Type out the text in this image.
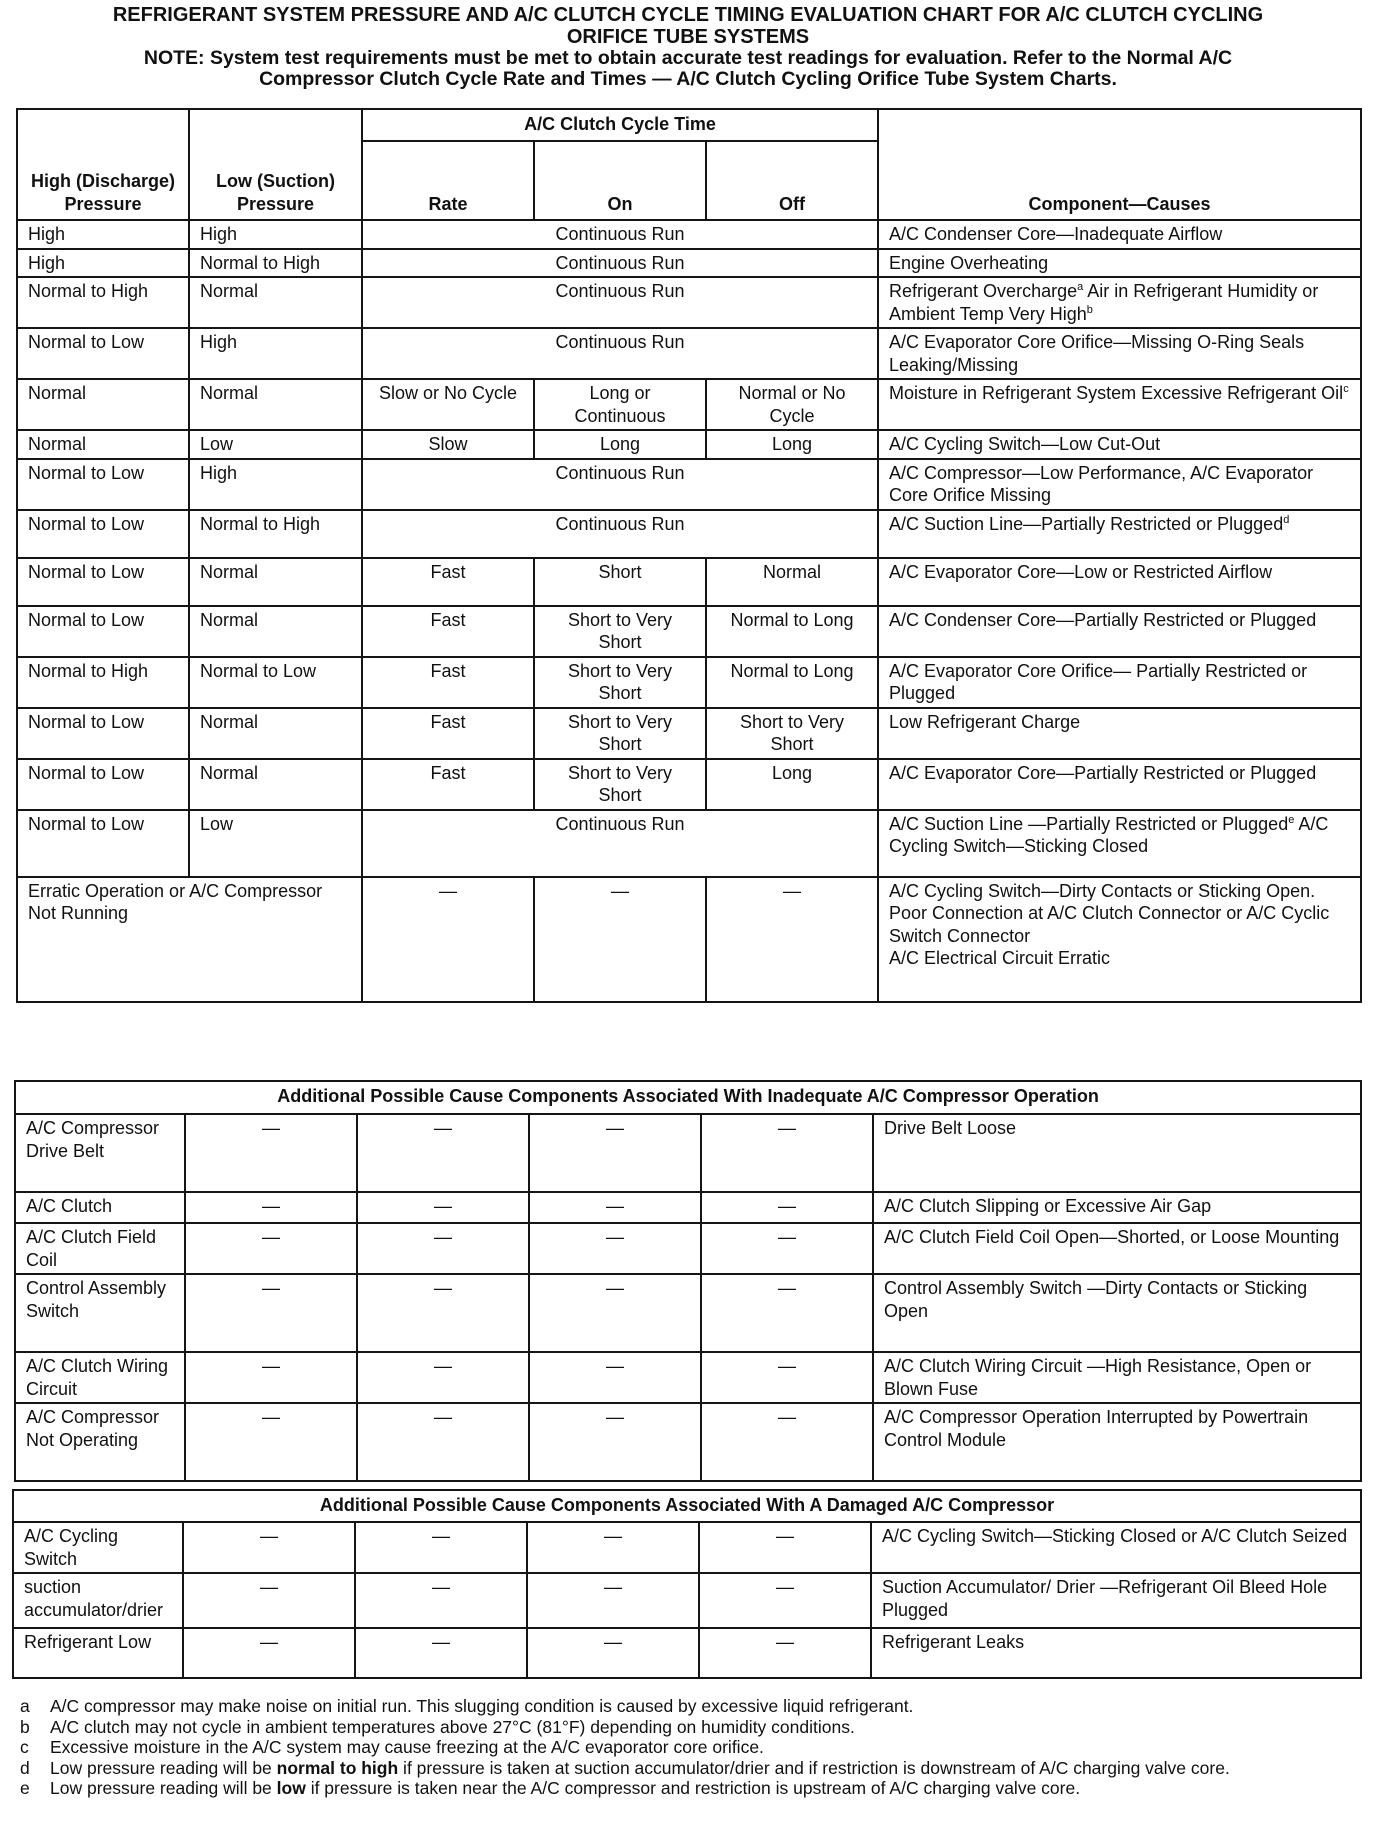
REFRIGERANT SYSTEM PRESSURE AND A/C CLUTCH CYCLE TIMING EVALUATION CHART FOR A/C CLUTCH CYCLING
ORIFICE TUBE SYSTEMS
NOTE: System test requirements must be met to obtain accurate test readings for evaluation. Refer to the Normal A/C
Compressor Clutch Cycle Rate and Times — A/C Clutch Cycling Orifice Tube System Charts.
High (Discharge) Pressure	Low (Suction) Pressure	A/C Clutch Cycle Time			Component—Causes
		Rate	On	Off	
High	High	Continuous Run			A/C Condenser Core—Inadequate Airflow
High	Normal to High	Continuous Run			Engine Overheating
Normal to High	Normal	Continuous Run			Refrigerant Overcharge$^a$ Air in Refrigerant Humidity or Ambient Temp Very High$^b$
Normal to Low	High	Continuous Run			A/C Evaporator Core Orifice—Missing O-Ring Seals Leaking/Missing
Normal	Normal	Slow or No Cycle	Long or Continuous	Normal or No Cycle	Moisture in Refrigerant System Excessive Refrigerant Oil$^c$
Normal	Low	Slow	Long	Long	A/C Cycling Switch—Low Cut-Out
Normal to Low	High	Continuous Run			A/C Compressor—Low Performance, A/C Evaporator Core Orifice Missing
Normal to Low	Normal to High	Continuous Run			A/C Suction Line—Partially Restricted or Plugged$^d$
Normal to Low	Normal	Fast	Short	Normal	A/C Evaporator Core—Low or Restricted Airflow
Normal to Low	Normal	Fast	Short to Very Short	Normal to Long	A/C Condenser Core—Partially Restricted or Plugged
Normal to High	Normal to Low	Fast	Short to Very Short	Normal to Long	A/C Evaporator Core Orifice— Partially Restricted or Plugged
Normal to Low	Normal	Fast	Short to Very Short	Short to Very Short	Low Refrigerant Charge
Normal to Low	Normal	Fast	Short to Very Short	Long	A/C Evaporator Core—Partially Restricted or Plugged
Normal to Low	Low	Continuous Run			A/C Suction Line —Partially Restricted or Plugged$^e$ A/C Cycling Switch—Sticking Closed
Erratic Operation or A/C Compressor Not Running		—	—	—	A/C Cycling Switch—Dirty Contacts or Sticking Open.
Poor Connection at A/C Clutch Connector or A/C Cyclic Switch Connector
A/C Electrical Circuit Erratic
Additional Possible Cause Components Associated With Inadequate A/C Compressor Operation					
A/C Compressor Drive Belt	—	—	—	—	Drive Belt Loose
A/C Clutch	—	—	—	—	A/C Clutch Slipping or Excessive Air Gap
A/C Clutch Field Coil	—	—	—	—	A/C Clutch Field Coil Open—Shorted, or Loose Mounting
Control Assembly Switch	—	—	—	—	Control Assembly Switch —Dirty Contacts or Sticking Open
A/C Clutch Wiring Circuit	—	—	—	—	A/C Clutch Wiring Circuit —High Resistance, Open or Blown Fuse
A/C Compressor Not Operating	—	—	—	—	A/C Compressor Operation Interrupted by Powertrain Control Module
Additional Possible Cause Components Associated With A Damaged A/C Compressor					
A/C Cycling Switch	—	—	—	—	A/C Cycling Switch—Sticking Closed or A/C Clutch Seized
suction accumulator/drier	—	—	—	—	Suction Accumulator/ Drier —Refrigerant Oil Bleed Hole Plugged
Refrigerant Low	—	—	—	—	Refrigerant Leaks
a	A/C compressor may make noise on initial run. This slugging condition is caused by excessive liquid refrigerant.
b	A/C clutch may not cycle in ambient temperatures above 27°C (81°F) depending on humidity conditions.
c	Excessive moisture in the A/C system may cause freezing at the A/C evaporator core orifice.
d	Low pressure reading will be normal to high if pressure is taken at suction accumulator/drier and if restriction is downstream of A/C charging valve core.
e	Low pressure reading will be low if pressure is taken near the A/C compressor and restriction is upstream of A/C charging valve core.
